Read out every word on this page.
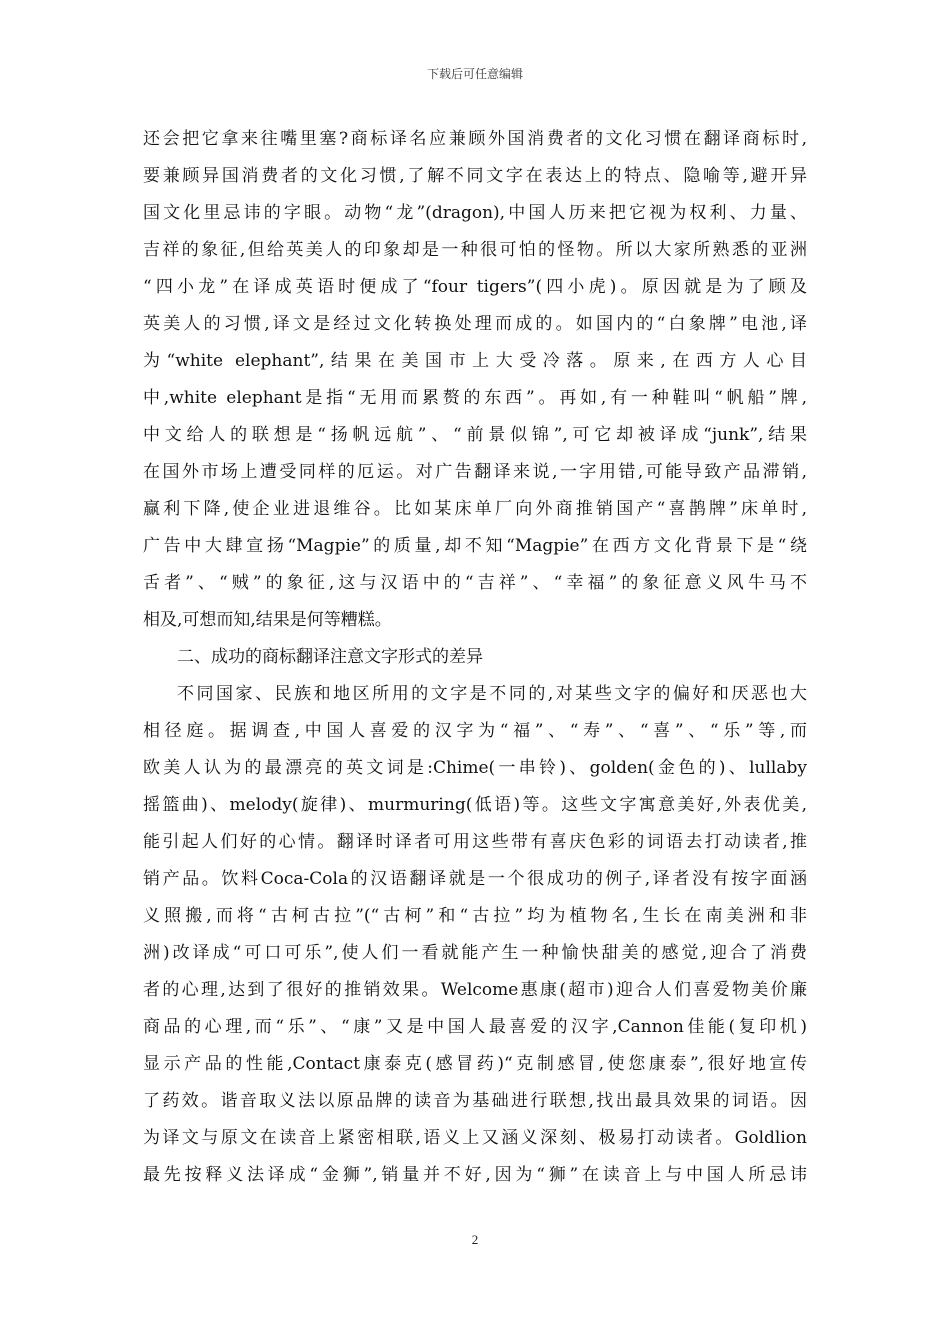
下载后可任意编辑
还会把它拿来往嘴里塞?商标译名应兼顾外国消费者的文化习惯在翻译商标时,
要兼顾异国消费者的文化习惯,了解不同文字在表达上的特点、隐喻等,避开异
国文化里忌讳的字眼。动物“龙”(dragon),中国人历来把它视为权利、力量、
吉祥的象征,但给英美人的印象却是一种很可怕的怪物。所以大家所熟悉的亚洲
“四小龙”在译成英语时便成了“four tigers”(四小虎)。原因就是为了顾及
英美人的习惯,译文是经过文化转换处理而成的。如国内的“白象牌”电池,译
为“white elephant”,结果在美国市上大受冷落。原来,在西方人心目
中,white elephant是指“无用而累赘的东西”。再如,有一种鞋叫“帆船”牌,
中文给人的联想是“扬帆远航”、“前景似锦”,可它却被译成“junk”,结果
在国外市场上遭受同样的厄运。对广告翻译来说,一字用错,可能导致产品滞销,
赢利下降,使企业进退维谷。比如某床单厂向外商推销国产“喜鹊牌”床单时,
广告中大肆宣扬“Magpie”的质量,却不知“Magpie”在西方文化背景下是“绕
舌者”、“贼”的象征,这与汉语中的“吉祥”、“幸福”的象征意义风牛马不
相及,可想而知,结果是何等糟糕。
二、成功的商标翻译注意文字形式的差异
不同国家、民族和地区所用的文字是不同的,对某些文字的偏好和厌恶也大
相径庭。据调查,中国人喜爱的汉字为“福”、“寿”、“喜”、“乐”等,而
欧美人认为的最漂亮的英文词是:Chime(一串铃)、golden(金色的)、lullaby
摇篮曲)、melody(旋律)、murmuring(低语)等。这些文字寓意美好,外表优美,
能引起人们好的心情。翻译时译者可用这些带有喜庆色彩的词语去打动读者,推
销产品。饮料Coca-Cola的汉语翻译就是一个很成功的例子,译者没有按字面涵
义照搬,而将“古柯古拉”(“古柯”和“古拉”均为植物名,生长在南美洲和非
洲)改译成“可口可乐”,使人们一看就能产生一种愉快甜美的感觉,迎合了消费
者的心理,达到了很好的推销效果。Welcome惠康(超市)迎合人们喜爱物美价廉
商品的心理,而“乐”、“康”又是中国人最喜爱的汉字,Cannon佳能(复印机)
显示产品的性能,Contact康泰克(感冒药)“克制感冒,使您康泰”,很好地宣传
了药效。谐音取义法以原品牌的读音为基础进行联想,找出最具效果的词语。因
为译文与原文在读音上紧密相联,语义上又涵义深刻、极易打动读者。Goldlion
最先按释义法译成“金狮”,销量并不好,因为“狮”在读音上与中国人所忌讳
2
